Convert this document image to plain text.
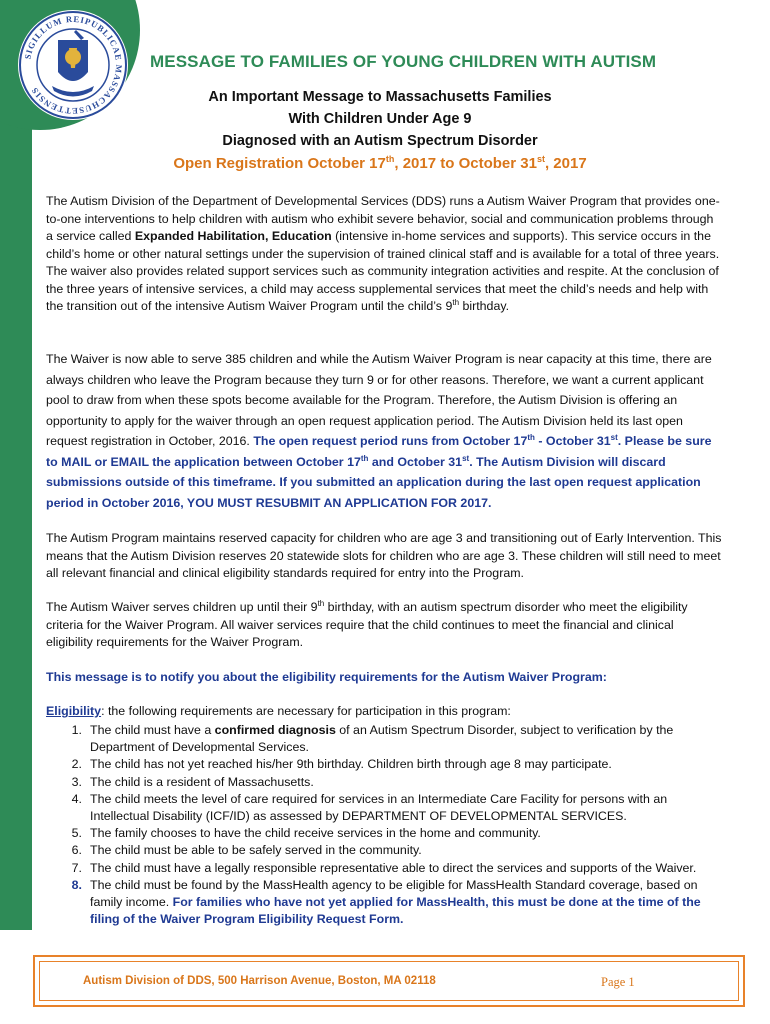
SIGILLUM REIPUBLICAE MASSACHUSETTENSIS
MESSAGE TO FAMILIES OF YOUNG CHILDREN WITH AUTISM
An Important Message to Massachusetts Families
With Children Under Age 9
Diagnosed with an Autism Spectrum Disorder
Open Registration October 17th, 2017 to October 31st, 2017

The Autism Division of the Department of Developmental Services (DDS) runs a Autism Waiver Program that provides one-to-one interventions to help children with autism who exhibit severe behavior, social and communication problems through a service called Expanded Habilitation, Education (intensive in-home services and supports). This service occurs in the child’s home or other natural settings under the supervision of trained clinical staff and is available for a total of three years. The waiver also provides related support services such as community integration activities and respite. At the conclusion of the three years of intensive services, a child may access supplemental services that meet the child’s needs and help with the transition out of the intensive Autism Waiver Program until the child’s 9th birthday.

The Waiver is now able to serve 385 children and while the Autism Waiver Program is near capacity at this time, there are always children who leave the Program because they turn 9 or for other reasons. Therefore, we want a current applicant pool to draw from when these spots become available for the Program. Therefore, the Autism Division is offering an opportunity to apply for the waiver through an open request application period. The Autism Division held its last open request registration in October, 2016. The open request period runs from October 17th - October 31st. Please be sure to MAIL or EMAIL the application between October 17th and October 31st. The Autism Division will discard submissions outside of this timeframe. If you submitted an application during the last open request application period in October 2016, YOU MUST RESUBMIT AN APPLICATION FOR 2017.

The Autism Program maintains reserved capacity for children who are age 3 and transitioning out of Early Intervention. This means that the Autism Division reserves 20 statewide slots for children who are age 3. These children will still need to meet all relevant financial and clinical eligibility standards required for entry into the Program.

The Autism Waiver serves children up until their 9th birthday, with an autism spectrum disorder who meet the eligibility criteria for the Waiver Program. All waiver services require that the child continues to meet the financial and clinical eligibility requirements for the Waiver Program.

This message is to notify you about the eligibility requirements for the Autism Waiver Program:

Eligibility: the following requirements are necessary for participation in this program:

1. The child must have a confirmed diagnosis of an Autism Spectrum Disorder, subject to verification by the Department of Developmental Services.
2. The child has not yet reached his/her 9th birthday. Children birth through age 8 may participate.
3. The child is a resident of Massachusetts.
4. The child meets the level of care required for services in an Intermediate Care Facility for persons with an Intellectual Disability (ICF/ID) as assessed by DEPARTMENT OF DEVELOPMENTAL SERVICES.
5. The family chooses to have the child receive services in the home and community.
6. The child must be able to be safely served in the community.
7. The child must have a legally responsible representative able to direct the services and supports of the Waiver.
8. The child must be found by the MassHealth agency to be eligible for MassHealth Standard coverage, based on family income. For families who have not yet applied for MassHealth, this must be done at the time of the filing of the Waiver Program Eligibility Request Form.
Autism Division of DDS, 500 Harrison Avenue, Boston, MA 02118	Page 1
